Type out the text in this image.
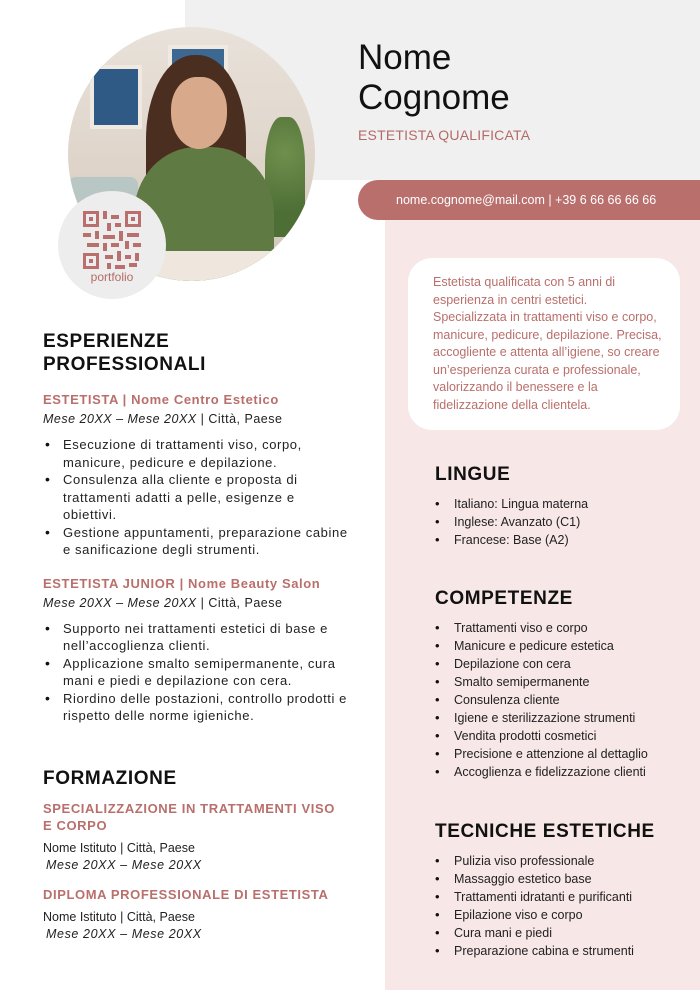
portfolio
Nome
Cognome
ESTETISTA QUALIFICATA
nome.cognome@mail.com | +39 6 66 66 66 66
Estetista qualificata con 5 anni di esperienza in centri estetici. Specializzata in trattamenti viso e corpo, manicure, pedicure, depilazione. Precisa, accogliente e attenta all’igiene, so creare un’esperienza curata e professionale, valorizzando il benessere e la fidelizzazione della clientela.
ESPERIENZE
PROFESSIONALI
ESTETISTA | Nome Centro Estetico
Mese 20XX – Mese 20XX | Città, Paese
• Esecuzione di trattamenti viso, corpo, manicure, pedicure e depilazione.
• Consulenza alla cliente e proposta di trattamenti adatti a pelle, esigenze e obiettivi.
• Gestione appuntamenti, preparazione cabine e sanificazione degli strumenti.
ESTETISTA JUNIOR | Nome Beauty Salon
Mese 20XX – Mese 20XX | Città, Paese
• Supporto nei trattamenti estetici di base e nell’accoglienza clienti.
• Applicazione smalto semipermanente, cura mani e piedi e depilazione con cera.
• Riordino delle postazioni, controllo prodotti e rispetto delle norme igieniche.
FORMAZIONE
SPECIALIZZAZIONE IN TRATTAMENTI VISO E CORPO
Nome Istituto | Città, Paese
Mese 20XX – Mese 20XX
DIPLOMA PROFESSIONALE DI ESTETISTA
Nome Istituto | Città, Paese
Mese 20XX – Mese 20XX
LINGUE
• Italiano: Lingua materna
• Inglese: Avanzato (C1)
• Francese: Base (A2)
COMPETENZE
• Trattamenti viso e corpo
• Manicure e pedicure estetica
• Depilazione con cera
• Smalto semipermanente
• Consulenza cliente
• Igiene e sterilizzazione strumenti
• Vendita prodotti cosmetici
• Precisione e attenzione al dettaglio
• Accoglienza e fidelizzazione clienti
TECNICHE ESTETICHE
• Pulizia viso professionale
• Massaggio estetico base
• Trattamenti idratanti e purificanti
• Epilazione viso e corpo
• Cura mani e piedi
• Preparazione cabina e strumenti
